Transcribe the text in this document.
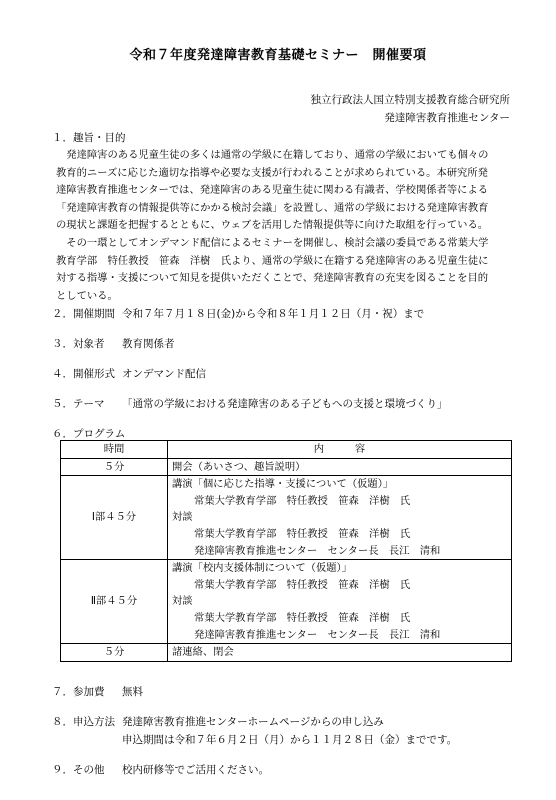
令和７年度発達障害教育基礎セミナー　開催要項
独立行政法人国立特別支援教育総合研究所
発達障害教育推進センター
１．趣旨・目的

　発達障害のある児童生徒の多くは通常の学級に在籍しており、通常の学級においても個々の
教育的ニーズに応じた適切な指導や必要な支援が行われることが求められている。本研究所発
達障害教育推進センターでは、発達障害のある児童生徒に関わる有識者、学校関係者等による
「発達障害教育の情報提供等にかかる検討会議」を設置し、通常の学級における発達障害教育
の現状と課題を把握するとともに、ウェブを活用した情報提供等に向けた取組を行っている。
　その一環としてオンデマンド配信によるセミナーを開催し、検討会議の委員である常葉大学
教育学部　特任教授　笹森　洋樹　氏より、通常の学級に在籍する発達障害のある児童生徒に
対する指導・支援について知見を提供いただくことで、発達障害教育の充実を図ることを目的
としている。

２．開催期間 令和７年７月１８日(金)から令和８年１月１２日（月・祝）まで
３．対象者 教育関係者
４．開催形式 オンデマンド配信
５．テーマ 「通常の学級における発達障害のある子どもへの支援と環境づくり」
６．プログラム
時間	内　　　容
５分	開会（あいさつ、趣旨説明）
Ⅰ部４５分	講演「個に応じた指導・支援について（仮題）」
常葉大学教育学部　特任教授　笹森　洋樹　氏
対談
常葉大学教育学部　特任教授　笹森　洋樹　氏
発達障害教育推進センター　センター長　長江　清和

Ⅱ部４５分	講演「校内支援体制について（仮題）」
常葉大学教育学部　特任教授　笹森　洋樹　氏
対談
常葉大学教育学部　特任教授　笹森　洋樹　氏
発達障害教育推進センター　センター長　長江　清和

５分	諸連絡、閉会
７．参加費 無料
８．申込方法 発達障害教育推進センターホームページからの申し込み
申込期間は令和７年６月２日（月）から１１月２８日（金）までです。
９．その他 校内研修等でご活用ください。
